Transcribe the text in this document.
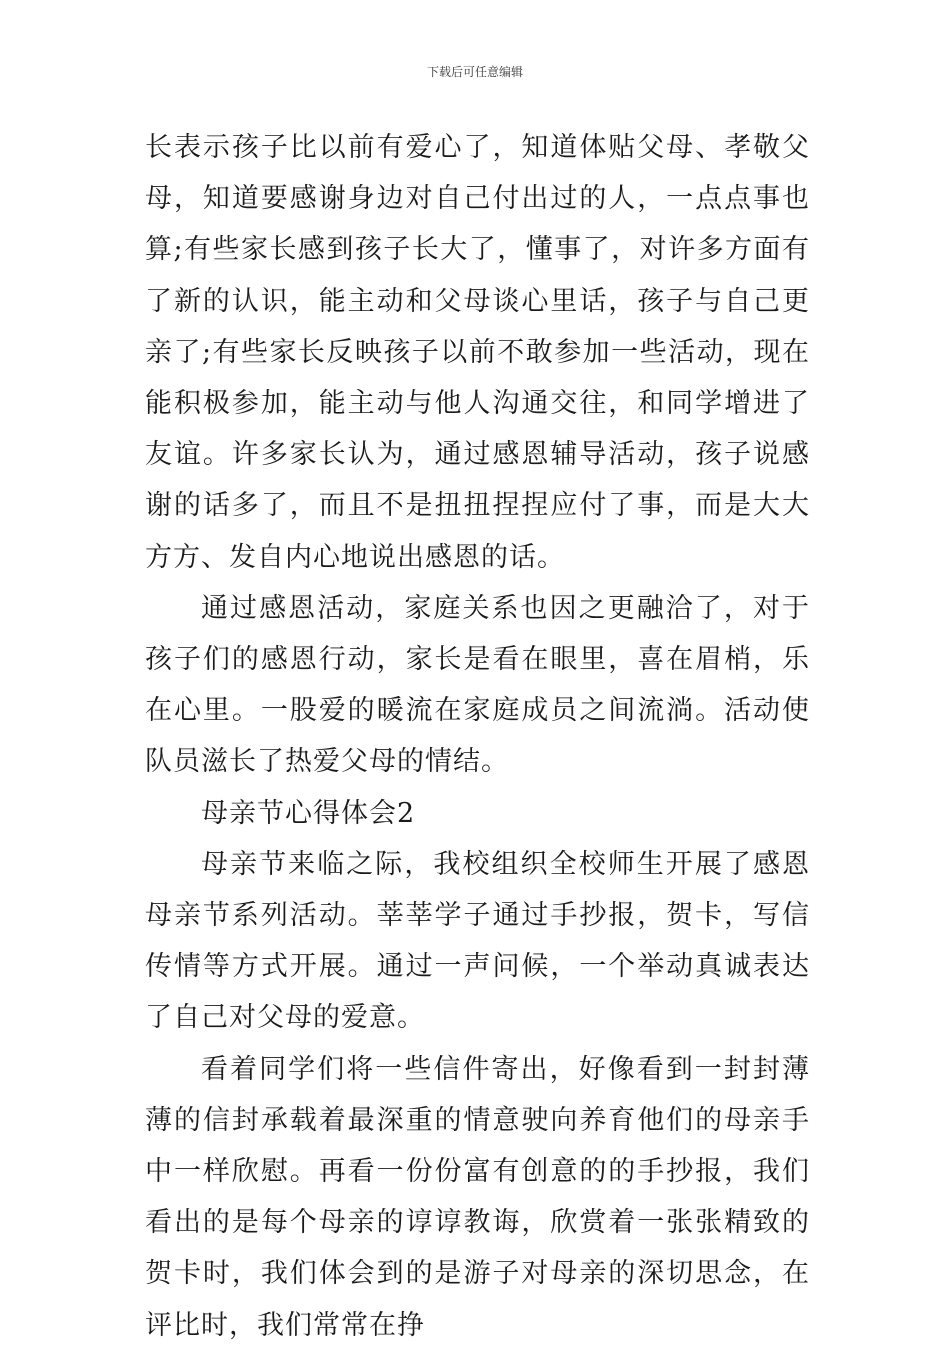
下载后可任意编辑

长表示孩子比以前有爱心了，知道体贴父母、孝敬父母，知道要感谢身边对自己付出过的人，一点点事也算;有些家长感到孩子长大了，懂事了，对许多方面有了新的认识，能主动和父母谈心里话，孩子与自己更亲了;有些家长反映孩子以前不敢参加一些活动，现在能积极参加，能主动与他人沟通交往，和同学增进了友谊。许多家长认为，通过感恩辅导活动，孩子说感谢的话多了，而且不是扭扭捏捏应付了事，而是大大方方、发自内心地说出感恩的话。

通过感恩活动，家庭关系也因之更融洽了，对于孩子们的感恩行动，家长是看在眼里，喜在眉梢，乐在心里。一股爱的暖流在家庭成员之间流淌。活动使队员滋长了热爱父母的情结。

母亲节心得体会2

母亲节来临之际，我校组织全校师生开展了感恩母亲节系列活动。莘莘学子通过手抄报，贺卡，写信传情等方式开展。通过一声问候，一个举动真诚表达了自己对父母的爱意。

看着同学们将一些信件寄出，好像看到一封封薄薄的信封承载着最深重的情意驶向养育他们的母亲手中一样欣慰。再看一份份富有创意的的手抄报，我们看出的是每个母亲的谆谆教诲，欣赏着一张张精致的贺卡时，我们体会到的是游子对母亲的深切思念，在评比时，我们常常在挣
